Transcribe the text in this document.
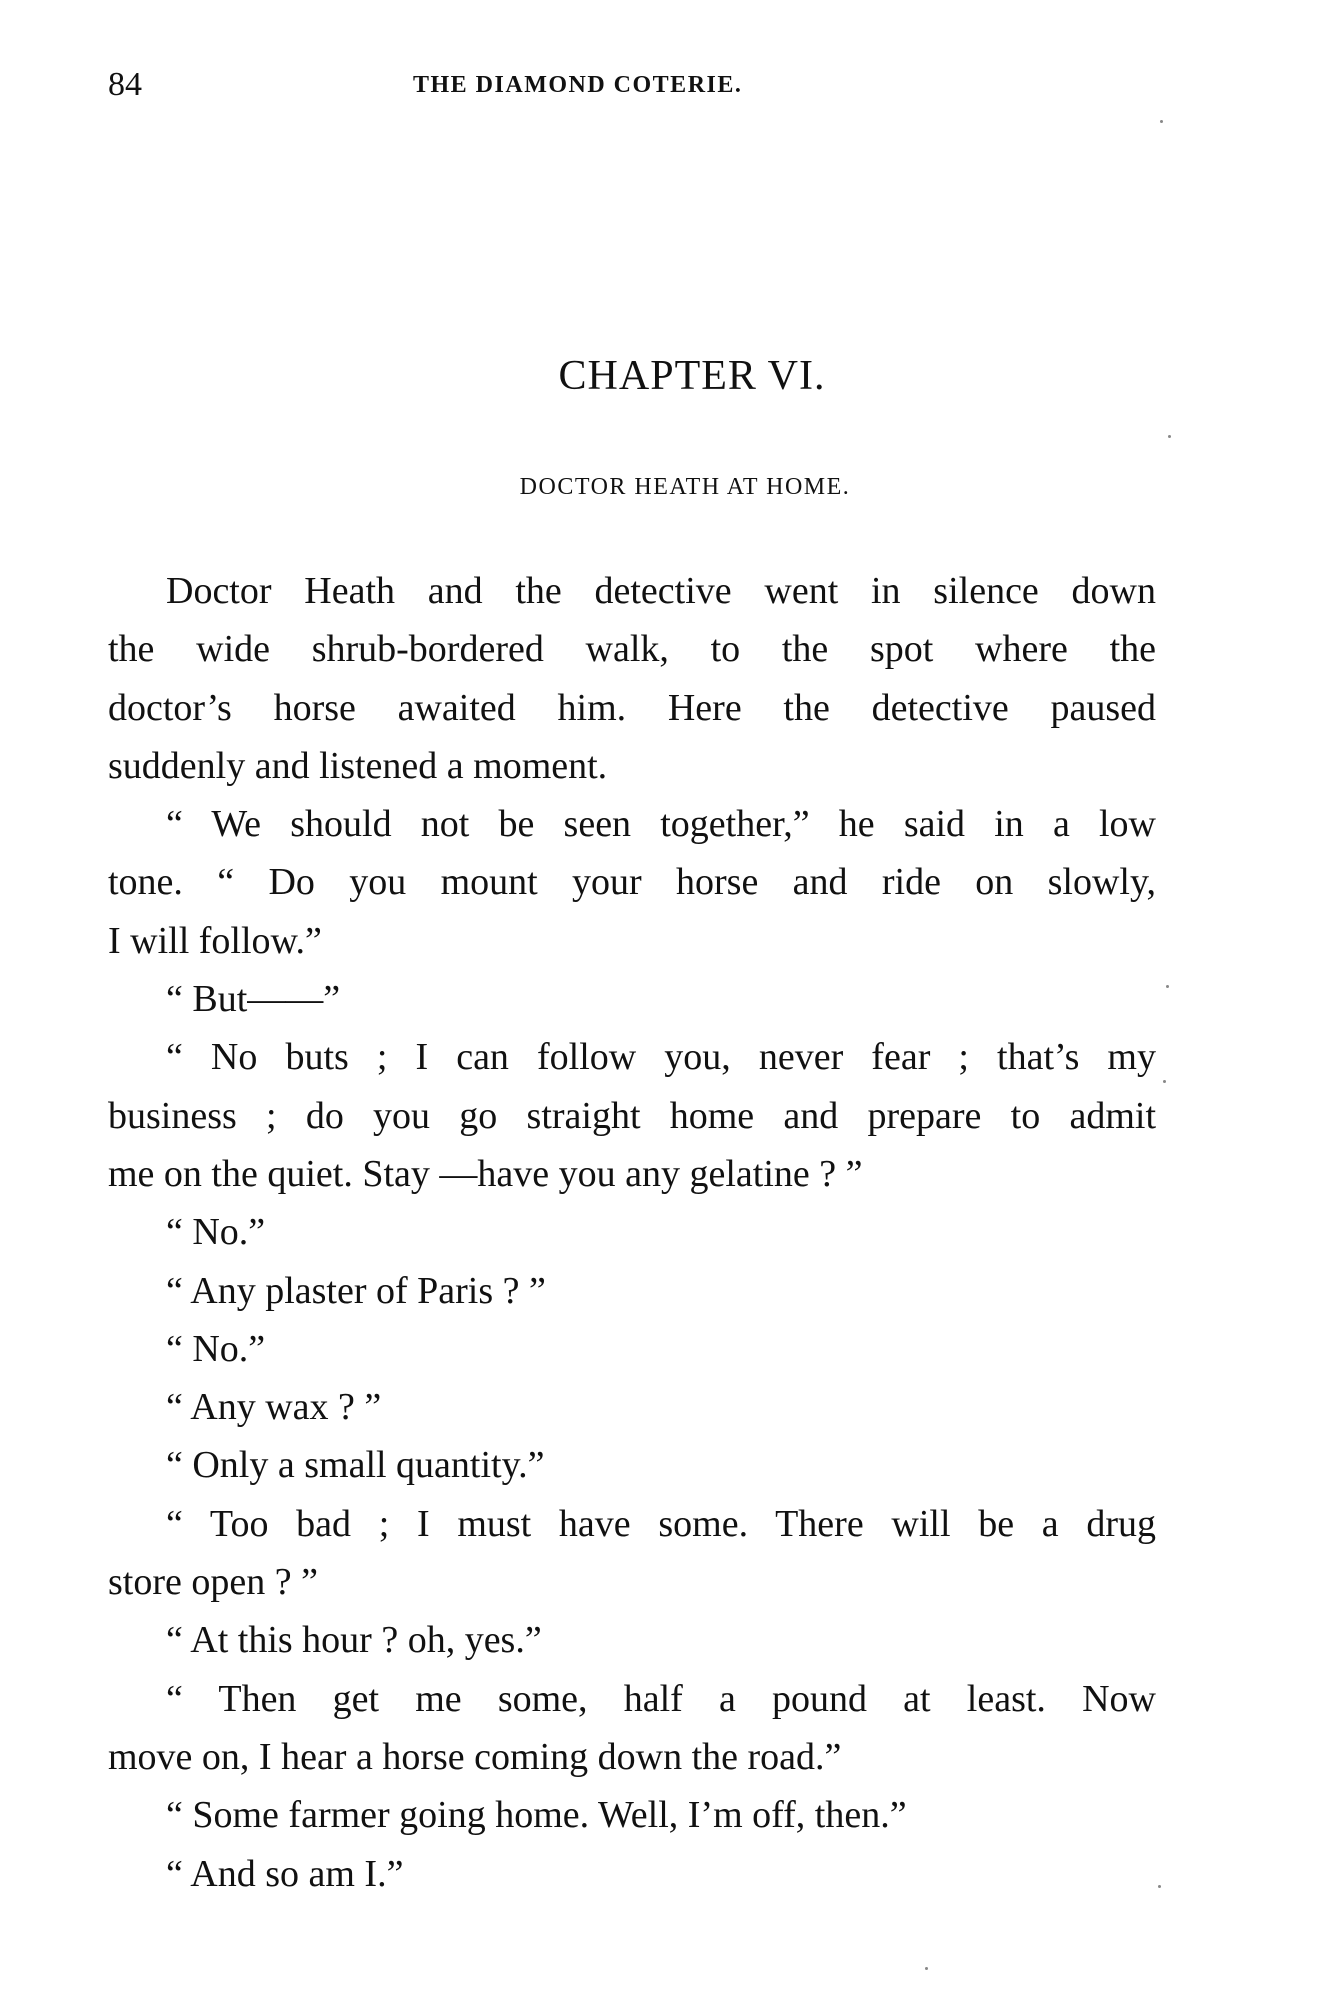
84	THE DIAMOND COTERIE.
CHAPTER VI.
DOCTOR HEATH AT HOME.
Doctor Heath and the detective went in silence down
the wide shrub-bordered walk, to the spot where the
doctor’s horse awaited him. Here the detective paused
suddenly and listened a moment.
“ We should not be seen together,” he said in a low
tone. “ Do you mount your horse and ride on slowly,
I will follow.”
“ But——”
“ No buts ; I can follow you, never fear ; that’s my
business ; do you go straight home and prepare to admit
me on the quiet. Stay —have you any gelatine ? ”
“ No.”
“ Any plaster of Paris ? ”
“ No.”
“ Any wax ? ”
“ Only a small quantity.”
“ Too bad ; I must have some. There will be a drug
store open ? ”
“ At this hour ? oh, yes.”
“ Then get me some, half a pound at least. Now
move on, I hear a horse coming down the road.”
“ Some farmer going home. Well, I’m off, then.”
“ And so am I.”
